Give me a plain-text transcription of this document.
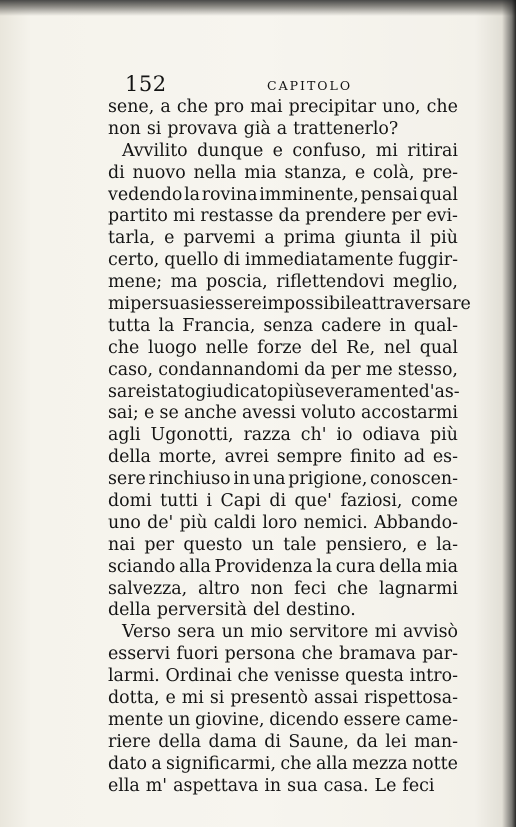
152	CAPITOLO
sene, a che pro mai precipitar uno, che
non si provava già a trattenerlo?
Avvilito dunque e confuso, mi ritirai
di nuovo nella mia stanza, e colà, pre-
vedendo la rovina imminente, pensai qual
partito mi restasse da prendere per evi-
tarla, e parvemi a prima giunta il più
certo, quello di immediatamente fuggir-
mene; ma poscia, riflettendovi meglio,
mi persuasi essere impossibile attraversare
tutta la Francia, senza cadere in qual-
che luogo nelle forze del Re, nel qual
caso, condannandomi da per me stesso,
sarei stato giudicato più severamente d'as-
sai; e se anche avessi voluto accostarmi
agli Ugonotti, razza ch' io odiava più
della morte, avrei sempre finito ad es-
sere rinchiuso in una prigione, conoscen-
domi tutti i Capi di que' faziosi, come
uno de' più caldi loro nemici. Abbando-
nai per questo un tale pensiero, e la-
sciando alla Providenza la cura della mia
salvezza, altro non feci che lagnarmi
della perversità del destino.
Verso sera un mio servitore mi avvisò
esservi fuori persona che bramava par-
larmi. Ordinai che venisse questa intro-
dotta, e mi si presentò assai rispettosa-
mente un giovine, dicendo essere came-
riere della dama di Saune, da lei man-
dato a significarmi, che alla mezza notte
ella m' aspettava in sua casa. Le feci
